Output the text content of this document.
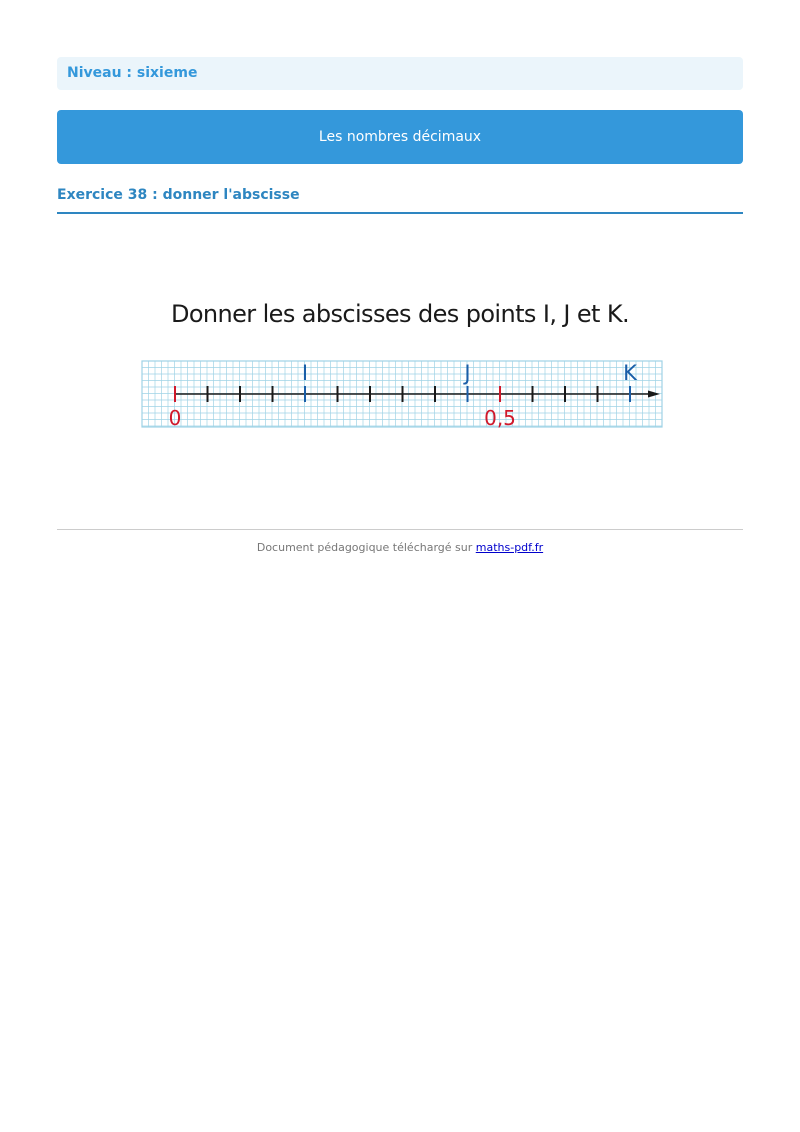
Niveau : sixieme
Les nombres décimaux
Exercice 38 : donner l'abscisse
Donner les abscisses des points I, J et K.
I	J	K
0	0,5
Document pédagogique téléchargé sur maths-pdf.fr
